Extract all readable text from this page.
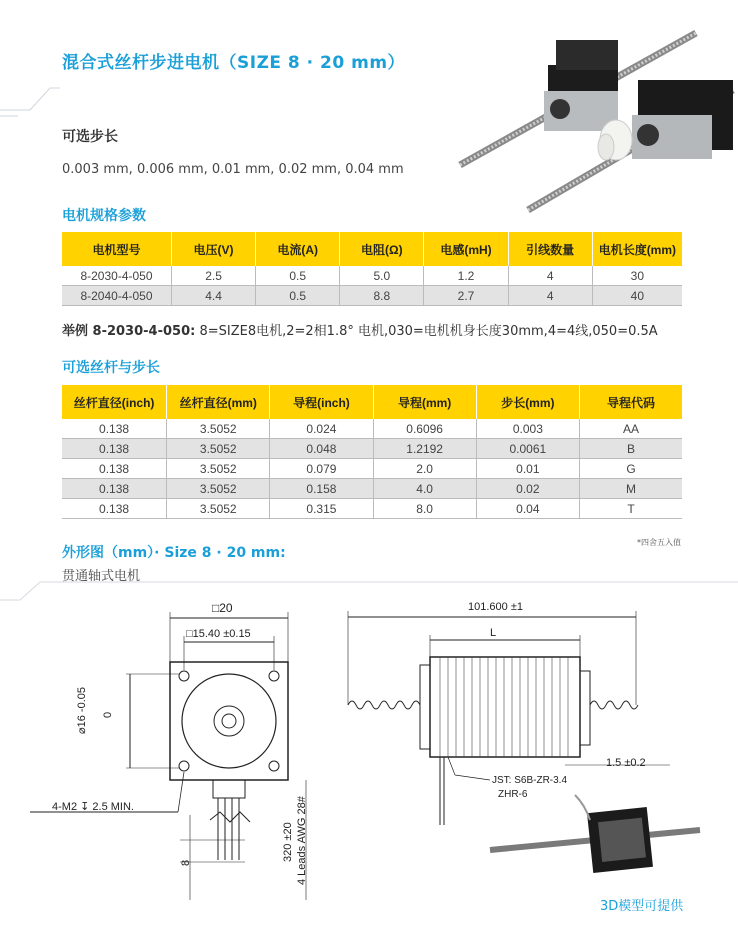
混合式丝杆步进电机（SIZE 8 · 20 mm）
可选步长
0.003 mm, 0.006 mm, 0.01 mm, 0.02 mm, 0.04 mm
电机规格参数
电机型号	电压(V)	电流(A)	电阻(Ω)	电感(mH)	引线数量	电机长度(mm)
8-2030-4-050	2.5	0.5	5.0	1.2	4	30
8-2040-4-050	4.4	0.5	8.8	2.7	4	40
举例 8-2030-4-050: 8=SIZE8电机,2=2相1.8° 电机,030=电机机身长度30mm,4=4线,050=0.5A
可选丝杆与步长
丝杆直径(inch)	丝杆直径(mm)	导程(inch)	导程(mm)	步长(mm)	导程代码
0.138	3.5052	0.024	0.6096	0.003	AA
0.138	3.5052	0.048	1.2192	0.0061	B
0.138	3.5052	0.079	2.0	0.01	G
0.138	3.5052	0.158	4.0	0.02	M
0.138	3.5052	0.315	8.0	0.04	T
*四舍五入值
外形图（mm）· Size 8 · 20 mm:
贯通轴式电机
□20
□15.40 ±0.15
⌀16 -0.05 0
4-M2 ↧ 2.5 MIN.
8
320 ±20 4 Leads AWG 28#
101.600 ±1
L
1.5 ±0.2
JST: S6B-ZR-3.4
ZHR-6
3D模型可提供
